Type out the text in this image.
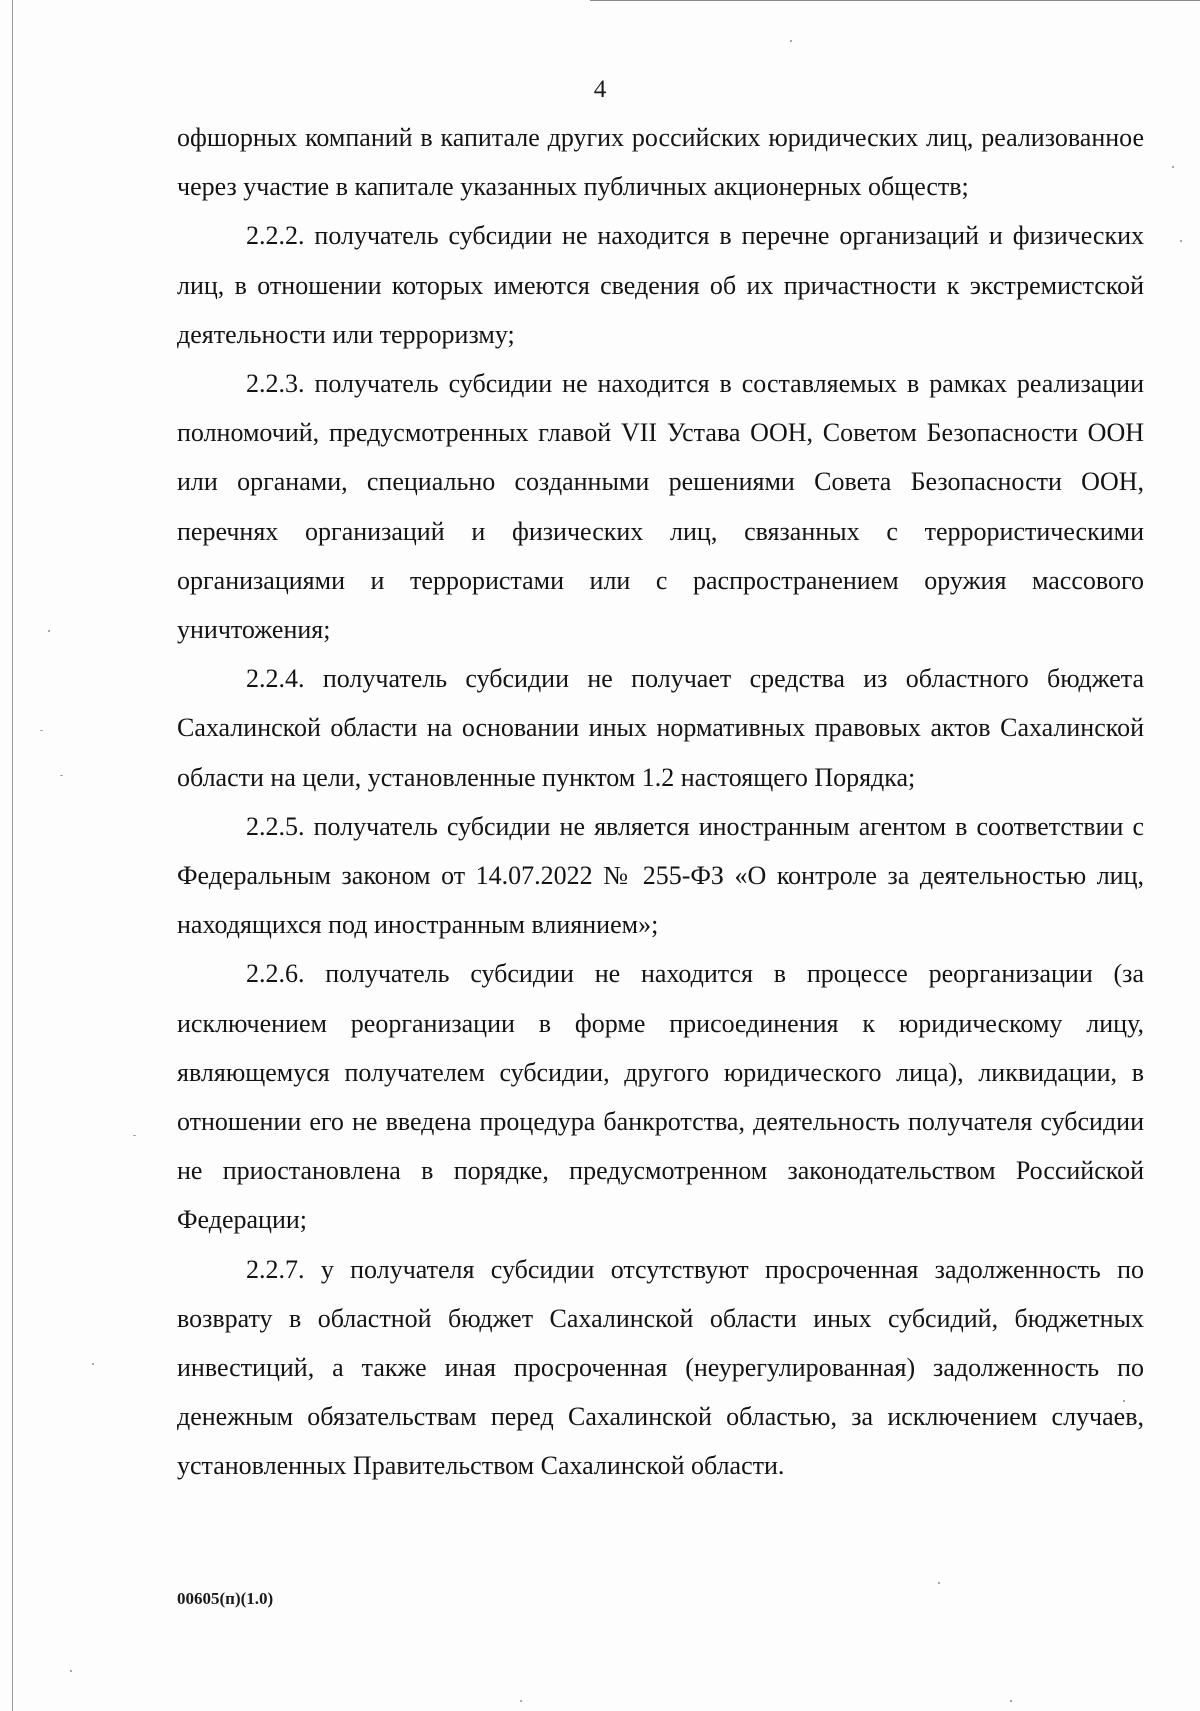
4

офшорных компаний в капитале других российских юридических лиц, реализованное через участие в капитале указанных публичных акционерных обществ;

2.2.2. получатель субсидии не находится в перечне организаций и физических лиц, в отношении которых имеются сведения об их причастности к экстремистской деятельности или терроризму;

2.2.3. получатель субсидии не находится в составляемых в рамках реализации полномочий, предусмотренных главой VII Устава ООН, Советом Безопасности ООН или органами, специально созданными решениями Совета Безопасности ООН, перечнях организаций и физических лиц, связанных с террористическими организациями и террористами или с распространением оружия массового уничтожения;

2.2.4. получатель субсидии не получает средства из областного бюджета Сахалинской области на основании иных нормативных правовых актов Сахалинской области на цели, установленные пунктом 1.2 настоящего Порядка;

2.2.5. получатель субсидии не является иностранным агентом в соответствии с Федеральным законом от 14.07.2022 № 255-ФЗ «О контроле за деятельностью лиц, находящихся под иностранным влиянием»;

2.2.6. получатель субсидии не находится в процессе реорганизации (за исключением реорганизации в форме присоединения к юридическому лицу, являющемуся получателем субсидии, другого юридического лица), ликвидации, в отношении его не введена процедура банкротства, деятельность получателя субсидии не приостановлена в порядке, предусмотренном законодательством Российской Федерации;

2.2.7. у получателя субсидии отсутствуют просроченная задолженность по возврату в областной бюджет Сахалинской области иных субсидий, бюджетных инвестиций, а также иная просроченная (неурегулированная) задолженность по денежным обязательствам перед Сахалинской областью, за исключением случаев, установленных Правительством Сахалинской области.

00605(п)(1.0)
